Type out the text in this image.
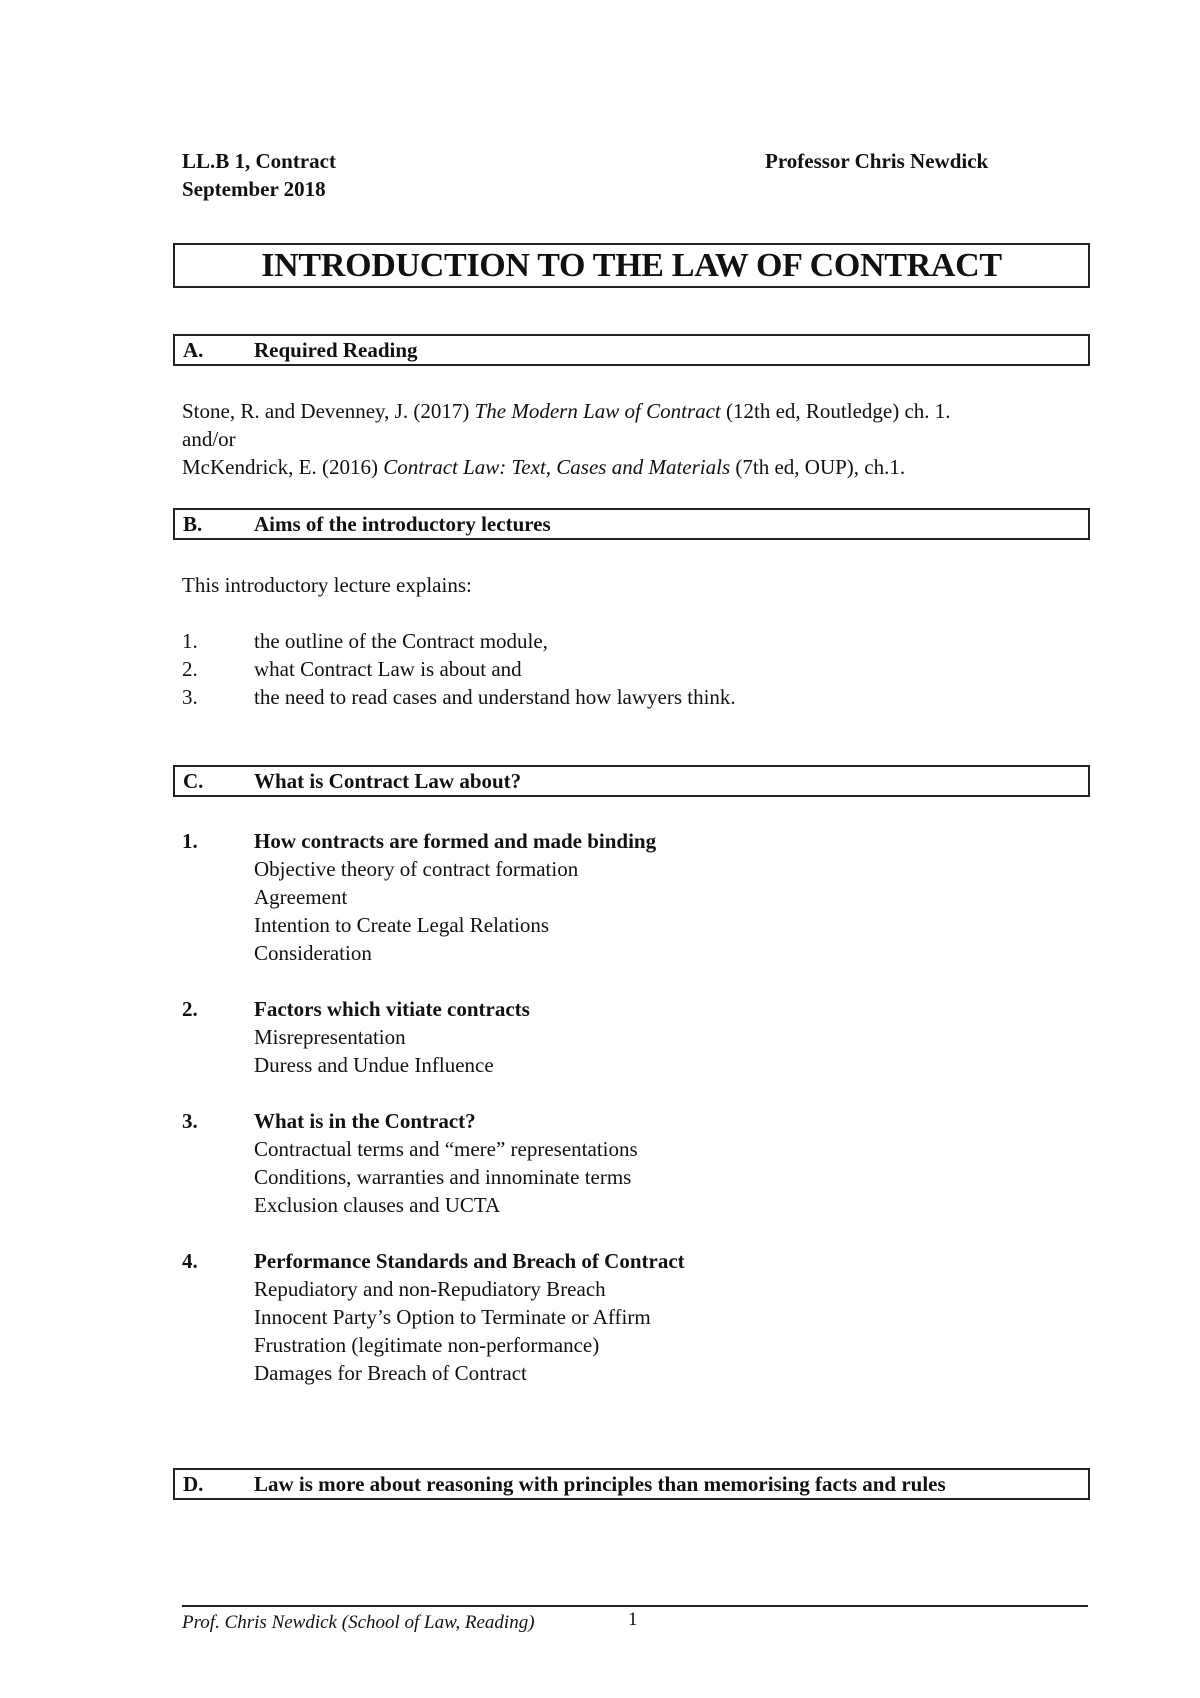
LL.B 1, Contract
September 2018
Professor Chris Newdick
INTRODUCTION TO THE LAW OF CONTRACT
A. Required Reading
Stone, R. and Devenney, J. (2017) The Modern Law of Contract (12th ed, Routledge) ch. 1.
and/or
McKendrick, E. (2016) Contract Law: Text, Cases and Materials (7th ed, OUP), ch.1.
B. Aims of the introductory lectures
This introductory lecture explains:
1.	the outline of the Contract module,
2.	what Contract Law is about and
3.	the need to read cases and understand how lawyers think.
C. What is Contract Law about?
1.	How contracts are formed and made binding
Objective theory of contract formation
Agreement
Intention to Create Legal Relations
Consideration
2.	Factors which vitiate contracts
Misrepresentation
Duress and Undue Influence
3.	What is in the Contract?
Contractual terms and “mere” representations
Conditions, warranties and innominate terms
Exclusion clauses and UCTA
4.	Performance Standards and Breach of Contract
Repudiatory and non-Repudiatory Breach
Innocent Party’s Option to Terminate or Affirm
Frustration (legitimate non-performance)
Damages for Breach of Contract
D. Law is more about reasoning with principles than memorising facts and rules
Prof. Chris Newdick (School of Law, Reading)	1
